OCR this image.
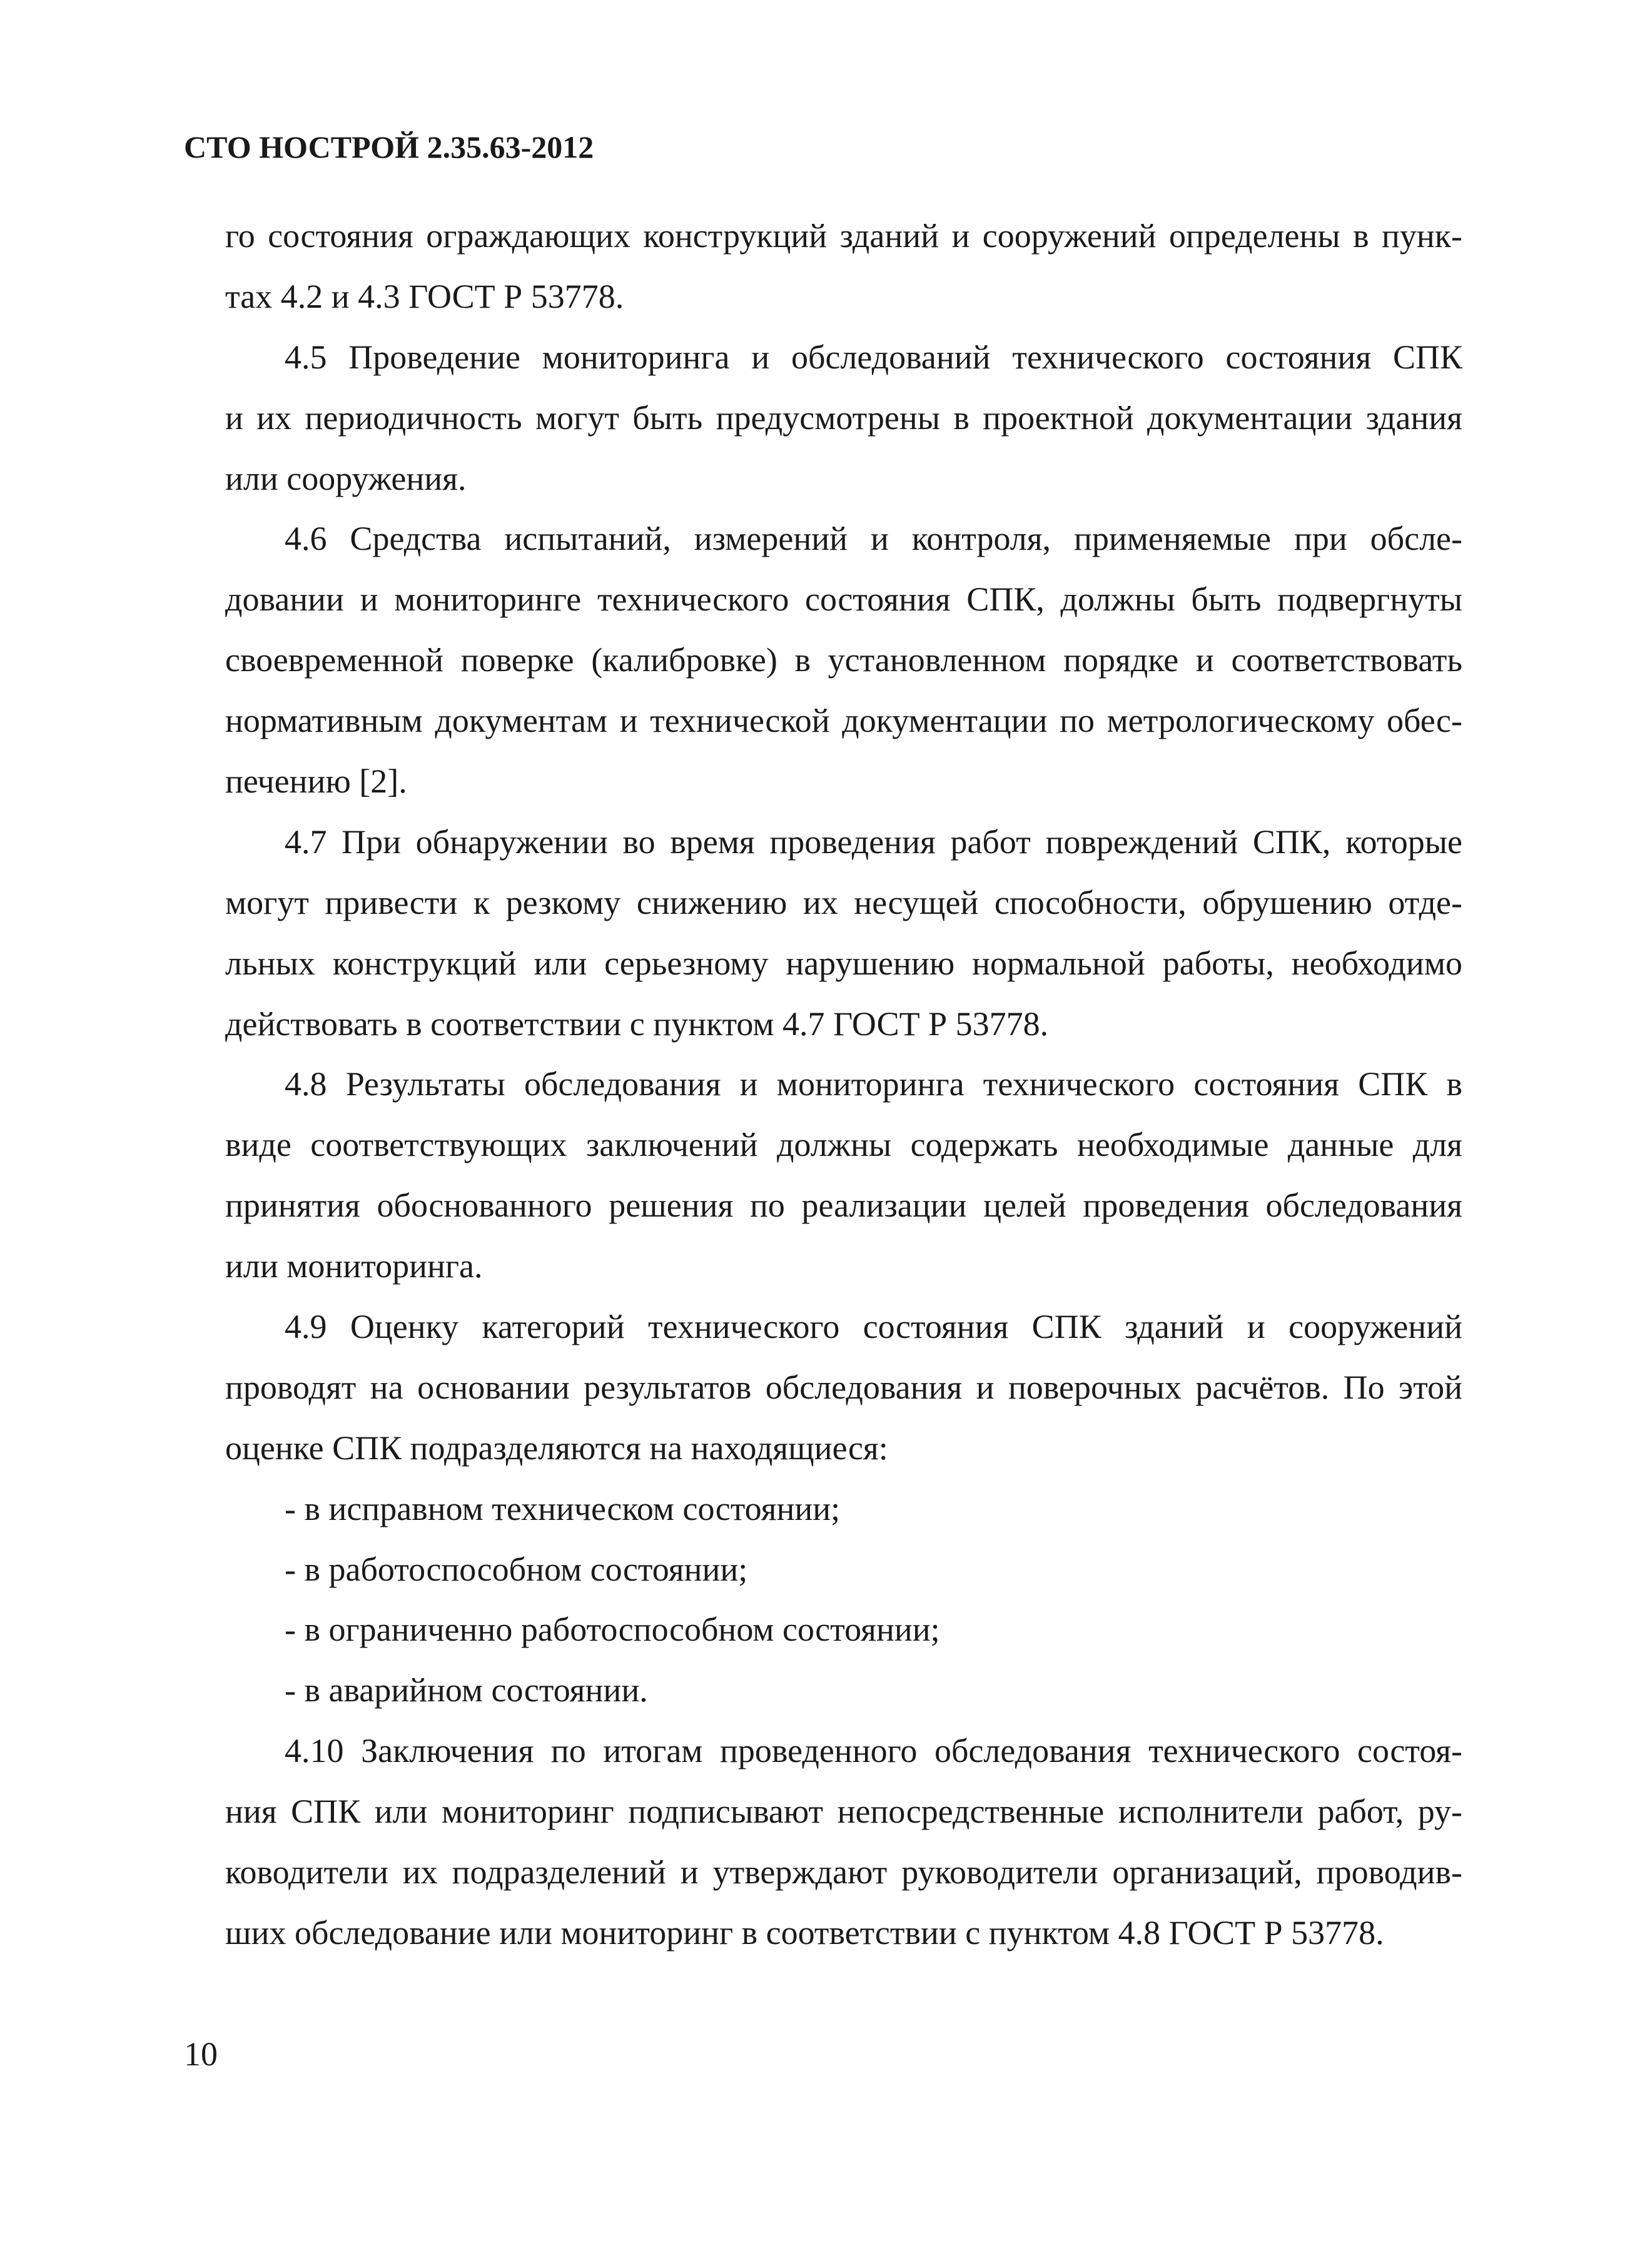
СТО НОСТРОЙ 2.35.63-2012
го состояния ограждающих конструкций зданий и сооружений определены в пунк-
тах 4.2 и 4.3 ГОСТ Р 53778.
4.5 Проведение мониторинга и обследований технического состояния СПК
и их периодичность могут быть предусмотрены в проектной документации здания
или сооружения.
4.6 Средства испытаний, измерений и контроля, применяемые при обсле-
довании и мониторинге технического состояния СПК, должны быть подвергнуты
своевременной поверке (калибровке) в установленном порядке и соответствовать
нормативным документам и технической документации по метрологическому обес-
печению [2].
4.7 При обнаружении во время проведения работ повреждений СПК, которые
могут привести к резкому снижению их несущей способности, обрушению отде-
льных конструкций или серьезному нарушению нормальной работы, необходимо
действовать в соответствии с пунктом 4.7 ГОСТ Р 53778.
4.8 Результаты обследования и мониторинга технического состояния СПК в
виде соответствующих заключений должны содержать необходимые данные для
принятия обоснованного решения по реализации целей проведения обследования
или мониторинга.
4.9 Оценку категорий технического состояния СПК зданий и сооружений
проводят на основании результатов обследования и поверочных расчётов. По этой
оценке СПК подразделяются на находящиеся:
- в исправном техническом состоянии;
- в работоспособном состоянии;
- в ограниченно работоспособном состоянии;
- в аварийном состоянии.
4.10 Заключения по итогам проведенного обследования технического состоя-
ния СПК или мониторинг подписывают непосредственные исполнители работ, ру-
ководители их подразделений и утверждают руководители организаций, проводив-
ших обследование или мониторинг в соответствии с пунктом 4.8 ГОСТ Р 53778.
10
